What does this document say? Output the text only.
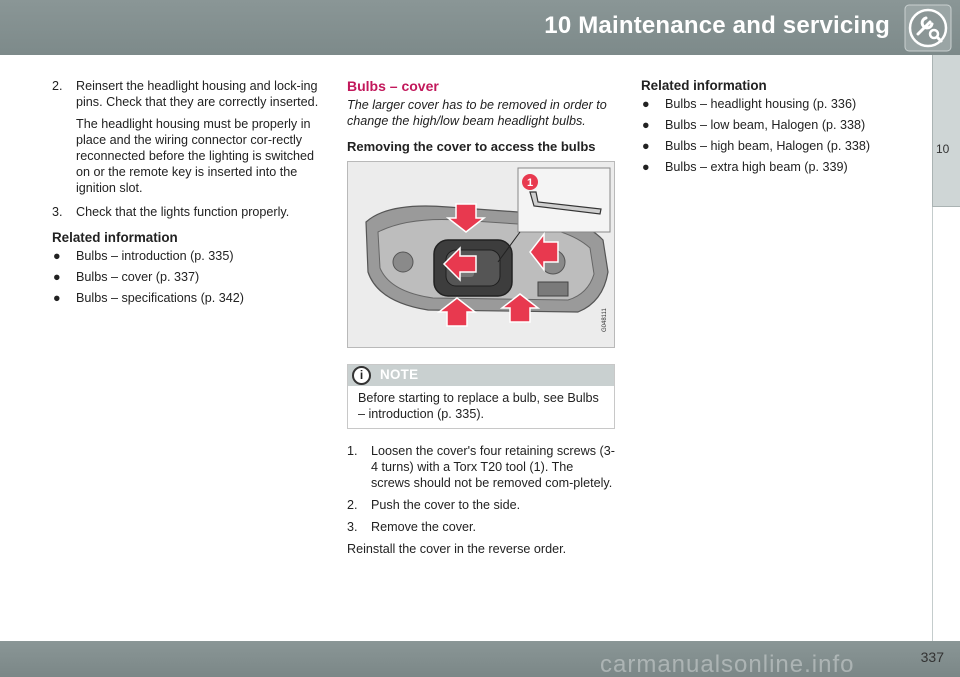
10 Maintenance and servicing
10
2.	Reinsert the headlight housing and lock-ing pins. Check that they are correctly inserted.
The headlight housing must be properly in place and the wiring connector cor-rectly reconnected before the lighting is switched on or the remote key is inserted into the ignition slot.
3.	Check that the lights function properly.
Related information
●	Bulbs – introduction (p. 335)
●	Bulbs – cover (p. 337)
●	Bulbs – specifications (p. 342)
Bulbs – cover
The larger cover has to be removed in order to change the high/low beam headlight bulbs.
Removing the cover to access the bulbs
1
G048111
i	NOTE
Before starting to replace a bulb, see Bulbs – introduction (p. 335).
1.	Loosen the cover's four retaining screws (3-4 turns) with a Torx T20 tool (1). The screws should not be removed com-pletely.
2.	Push the cover to the side.
3.	Remove the cover.
Reinstall the cover in the reverse order.
Related information
●	Bulbs – headlight housing (p. 336)
●	Bulbs – low beam, Halogen (p. 338)
●	Bulbs – high beam, Halogen (p. 338)
●	Bulbs – extra high beam (p. 339)
carmanualsonline.info	337
